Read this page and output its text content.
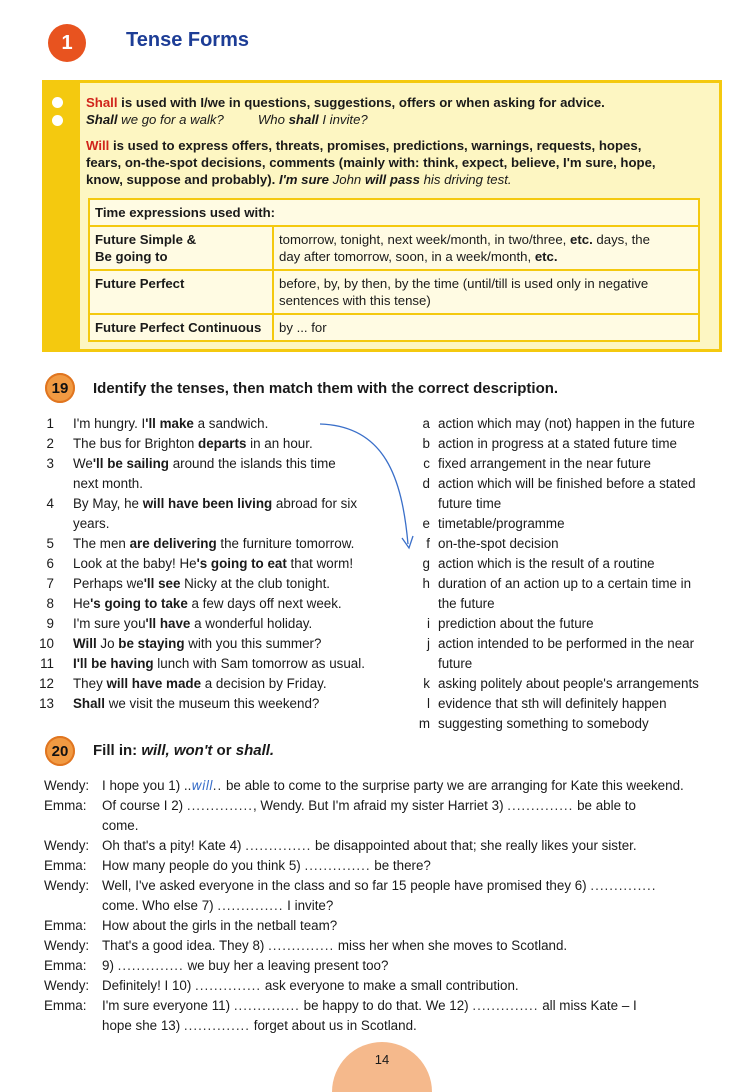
1	Tense Forms
Shall is used with I/we in questions, suggestions, offers or when asking for advice.
Shall we go for a walk?	Who shall I invite?
Will is used to express offers, threats, promises, predictions, warnings, requests, hopes,
fears, on-the-spot decisions, comments (mainly with: think, expect, believe, I'm sure, hope,
know, suppose and probably). I'm sure John will pass his driving test.
Time expressions used with:	
Future Simple &
Be going to	tomorrow, tonight, next week/month, in two/three, etc. days, the
day after tomorrow, soon, in a week/month, etc.
Future Perfect	before, by, by then, by the time (until/till is used only in negative
sentences with this tense)
Future Perfect Continuous	by ... for
19 Identify the tenses, then match them with the correct description.
1 I'm hungry. I'll make a sandwich.
2 The bus for Brighton departs in an hour.
3 We'll be sailing around the islands this time
next month.
4 By May, he will have been living abroad for six
years.
5 The men are delivering the furniture tomorrow.
6 Look at the baby! He's going to eat that worm!
7 Perhaps we'll see Nicky at the club tonight.
8 He's going to take a few days off next week.
9 I'm sure you'll have a wonderful holiday.
10 Will Jo be staying with you this summer?
11 I'll be having lunch with Sam tomorrow as usual.
12 They will have made a decision by Friday.
13 Shall we visit the museum this weekend?
a action which may (not) happen in the future
b action in progress at a stated future time
c fixed arrangement in the near future
d action which will be finished before a stated
future time
e timetable/programme
f on-the-spot decision
g action which is the result of a routine
h duration of an action up to a certain time in
the future
i prediction about the future
j action intended to be performed in the near
future
k asking politely about people's arrangements
l evidence that sth will definitely happen
m suggesting something to somebody
20 Fill in: will, won't or shall.
Wendy: I hope you 1) ..will.. be able to come to the surprise party we are arranging for Kate this weekend.
Emma: Of course I 2) .............., Wendy. But I'm afraid my sister Harriet 3) .............. be able to
come.
Wendy: Oh that's a pity! Kate 4) .............. be disappointed about that; she really likes your sister.
Emma: How many people do you think 5) .............. be there?
Wendy: Well, I've asked everyone in the class and so far 15 people have promised they 6) ..............
come. Who else 7) .............. I invite?
Emma: How about the girls in the netball team?
Wendy: That's a good idea. They 8) .............. miss her when she moves to Scotland.
Emma: 9) .............. we buy her a leaving present too?
Wendy: Definitely! I 10) .............. ask everyone to make a small contribution.
Emma: I'm sure everyone 11) .............. be happy to do that. We 12) .............. all miss Kate – I
hope she 13) .............. forget about us in Scotland.
14
